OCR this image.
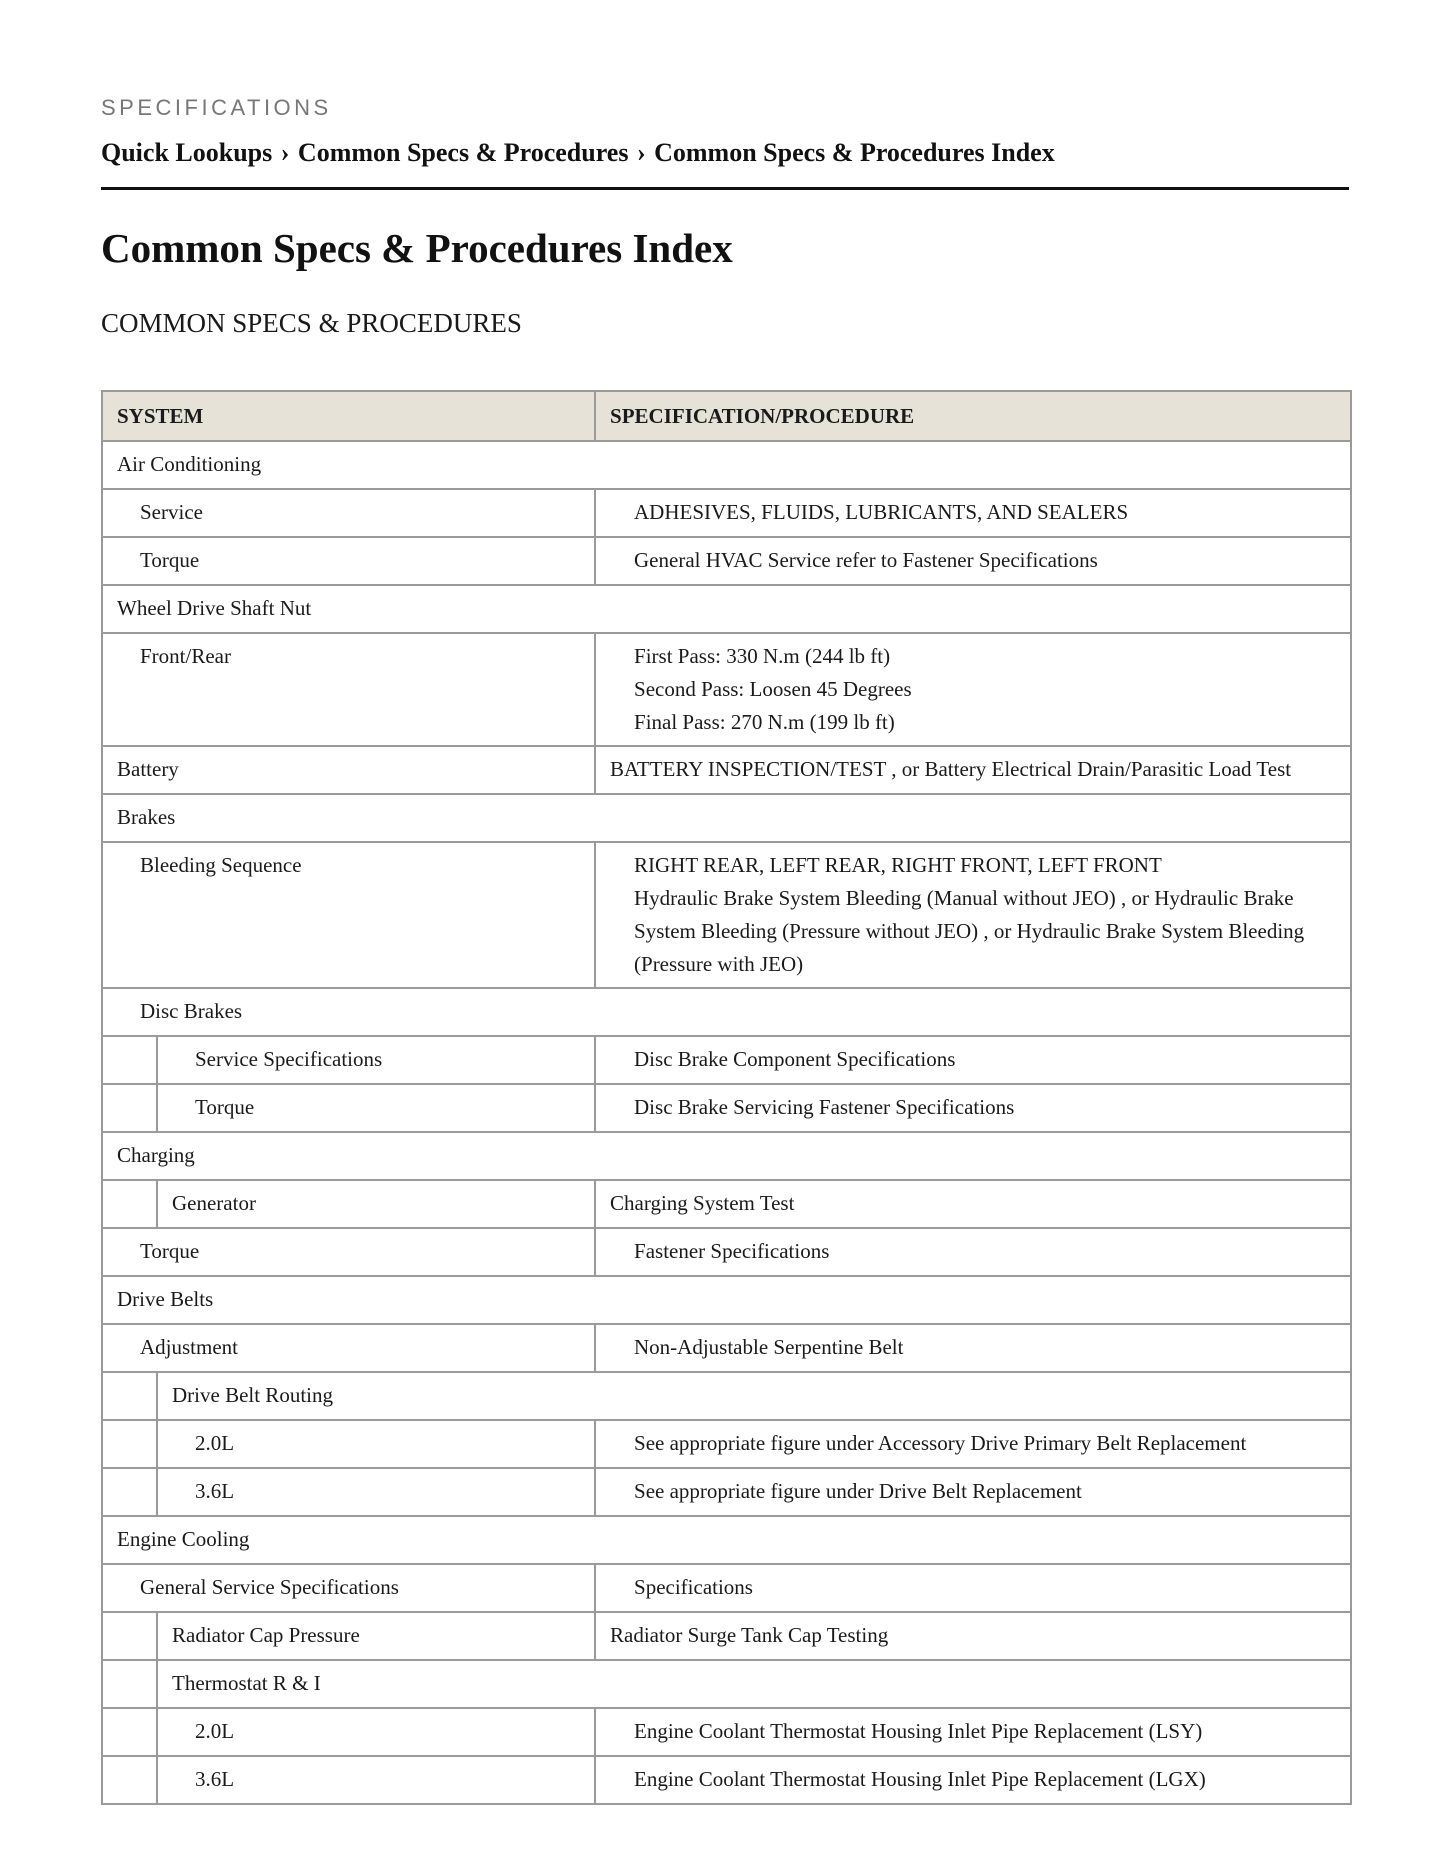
SPECIFICATIONS
Quick Lookups › Common Specs & Procedures › Common Specs & Procedures Index
Common Specs & Procedures Index
COMMON SPECS & PROCEDURES
SYSTEM		SPECIFICATION/PROCEDURE

Air Conditioning		

Service		ADHESIVES, FLUIDS, LUBRICANTS, AND SEALERS

Torque		General HVAC Service refer to Fastener Specifications

Wheel Drive Shaft Nut		

Front/Rear		First Pass: 330 N.m (244 lb ft)
Second Pass: Loosen 45 Degrees
Final Pass: 270 N.m (199 lb ft)

Battery		BATTERY INSPECTION/TEST , or Battery Electrical Drain/Parasitic Load Test

Brakes		

Bleeding Sequence		RIGHT REAR, LEFT REAR, RIGHT FRONT, LEFT FRONT
Hydraulic Brake System Bleeding (Manual without JEO) , or Hydraulic Brake System Bleeding (Pressure without JEO) , or Hydraulic Brake System Bleeding (Pressure with JEO)

Disc Brakes		

	Service Specifications	Disc Brake Component Specifications

	Torque	Disc Brake Servicing Fastener Specifications

Charging		

	Generator	Charging System Test

Torque		Fastener Specifications

Drive Belts		

Adjustment		Non-Adjustable Serpentine Belt

	Drive Belt Routing	

	2.0L	See appropriate figure under Accessory Drive Primary Belt Replacement

	3.6L	See appropriate figure under Drive Belt Replacement

Engine Cooling		

General Service Specifications		Specifications

	Radiator Cap Pressure	Radiator Surge Tank Cap Testing

	Thermostat R & I	

	2.0L	Engine Coolant Thermostat Housing Inlet Pipe Replacement (LSY)

	3.6L	Engine Coolant Thermostat Housing Inlet Pipe Replacement (LGX)
